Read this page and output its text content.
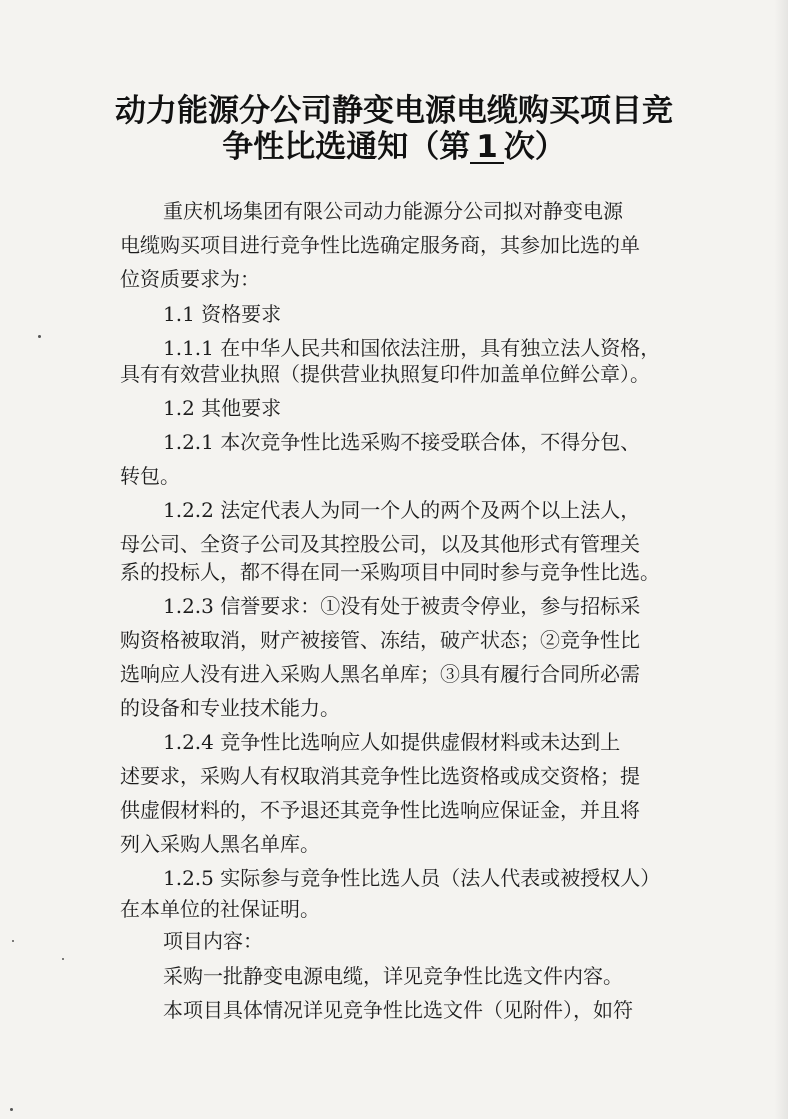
动力能源分公司静变电源电缆购买项目竞
争性比选通知（第 1 次）
重庆机场集团有限公司动力能源分公司拟对静变电源
电缆购买项目进行竞争性比选确定服务商，其参加比选的单
位资质要求为：
1.1 资格要求
1.1.1 在中华人民共和国依法注册，具有独立法人资格，
具有有效营业执照（提供营业执照复印件加盖单位鲜公章）。
1.2 其他要求
1.2.1 本次竞争性比选采购不接受联合体，不得分包、
转包。
1.2.2 法定代表人为同一个人的两个及两个以上法人，
母公司、全资子公司及其控股公司，以及其他形式有管理关
系的投标人，都不得在同一采购项目中同时参与竞争性比选。
1.2.3 信誉要求：①没有处于被责令停业，参与招标采
购资格被取消，财产被接管、冻结，破产状态；②竞争性比
选响应人没有进入采购人黑名单库；③具有履行合同所必需
的设备和专业技术能力。
1.2.4 竞争性比选响应人如提供虚假材料或未达到上
述要求，采购人有权取消其竞争性比选资格或成交资格；提
供虚假材料的，不予退还其竞争性比选响应保证金，并且将
列入采购人黑名单库。
1.2.5 实际参与竞争性比选人员（法人代表或被授权人）
在本单位的社保证明。
项目内容：
采购一批静变电源电缆，详见竞争性比选文件内容。
本项目具体情况详见竞争性比选文件（见附件），如符
